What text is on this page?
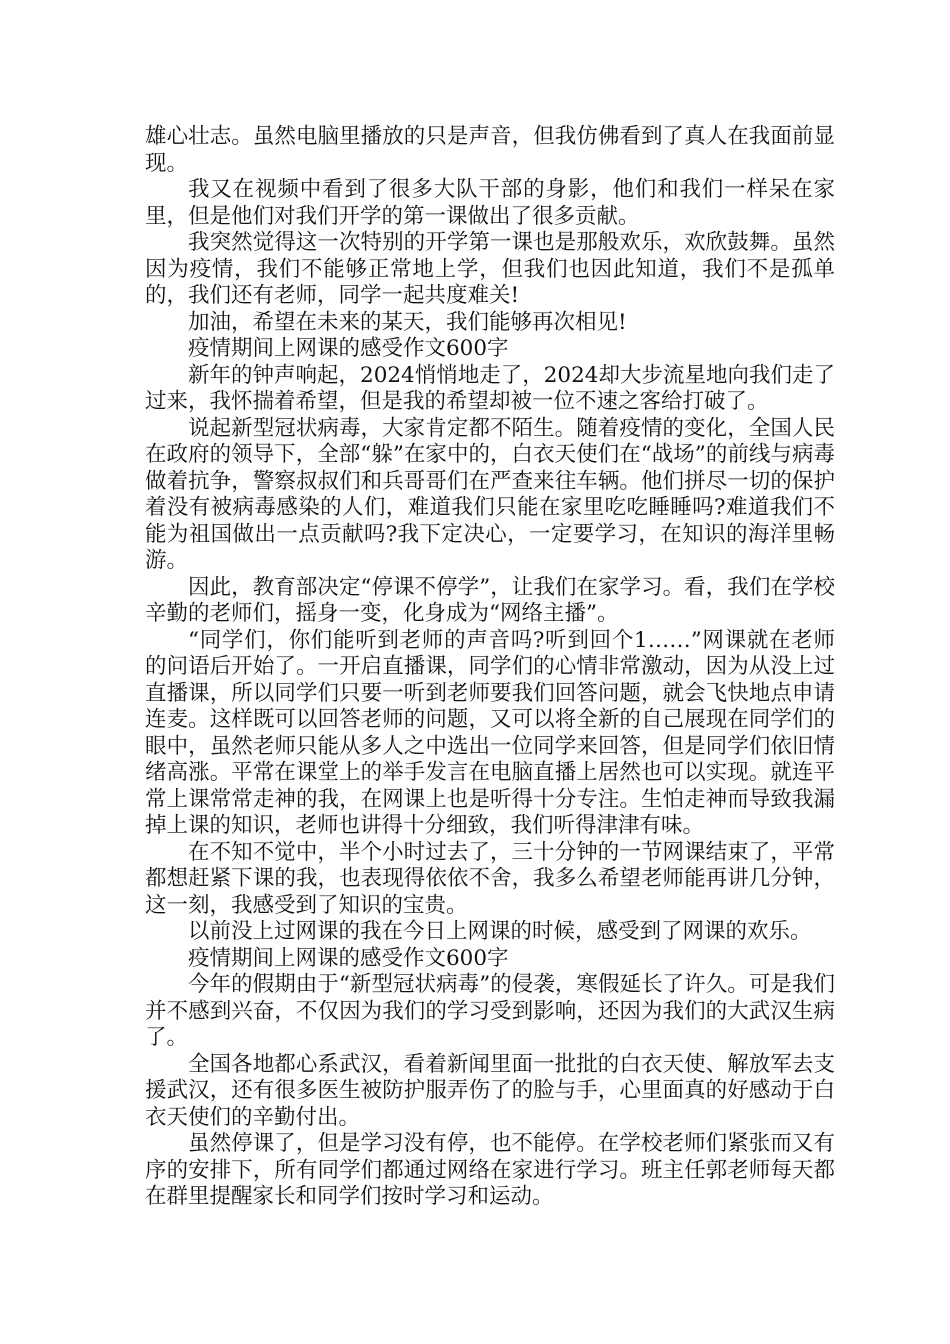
雄心壮志。虽然电脑里播放的只是声音，但我仿佛看到了真人在我面前显现。

我又在视频中看到了很多大队干部的身影，他们和我们一样呆在家里，但是他们对我们开学的第一课做出了很多贡献。

我突然觉得这一次特别的开学第一课也是那般欢乐，欢欣鼓舞。虽然因为疫情，我们不能够正常地上学，但我们也因此知道，我们不是孤单的，我们还有老师，同学一起共度难关!

加油，希望在未来的某天，我们能够再次相见!

疫情期间上网课的感受作文600字

新年的钟声响起，2024悄悄地走了，2024却大步流星地向我们走了过来，我怀揣着希望，但是我的希望却被一位不速之客给打破了。

说起新型冠状病毒，大家肯定都不陌生。随着疫情的变化，全国人民在政府的领导下，全部“躲”在家中的，白衣天使们在“战场”的前线与病毒做着抗争，警察叔叔们和兵哥哥们在严查来往车辆。他们拼尽一切的保护着没有被病毒感染的人们，难道我们只能在家里吃吃睡睡吗?难道我们不能为祖国做出一点贡献吗?我下定决心，一定要学习，在知识的海洋里畅游。

因此，教育部决定“停课不停学”，让我们在家学习。看，我们在学校辛勤的老师们，摇身一变，化身成为“网络主播”。

“同学们，你们能听到老师的声音吗?听到回个1……”网课就在老师的问语后开始了。一开启直播课，同学们的心情非常激动，因为从没上过直播课，所以同学们只要一听到老师要我们回答问题，就会飞快地点申请连麦。这样既可以回答老师的问题，又可以将全新的自己展现在同学们的眼中，虽然老师只能从多人之中选出一位同学来回答，但是同学们依旧情绪高涨。平常在课堂上的举手发言在电脑直播上居然也可以实现。就连平常上课常常走神的我，在网课上也是听得十分专注。生怕走神而导致我漏掉上课的知识，老师也讲得十分细致，我们听得津津有味。

在不知不觉中，半个小时过去了，三十分钟的一节网课结束了，平常都想赶紧下课的我，也表现得依依不舍，我多么希望老师能再讲几分钟，这一刻，我感受到了知识的宝贵。

以前没上过网课的我在今日上网课的时候，感受到了网课的欢乐。

疫情期间上网课的感受作文600字

今年的假期由于“新型冠状病毒”的侵袭，寒假延长了许久。可是我们并不感到兴奋，不仅因为我们的学习受到影响，还因为我们的大武汉生病了。

全国各地都心系武汉，看着新闻里面一批批的白衣天使、解放军去支援武汉，还有很多医生被防护服弄伤了的脸与手，心里面真的好感动于白衣天使们的辛勤付出。

虽然停课了，但是学习没有停，也不能停。在学校老师们紧张而又有序的安排下，所有同学们都通过网络在家进行学习。班主任郭老师每天都在群里提醒家长和同学们按时学习和运动。
